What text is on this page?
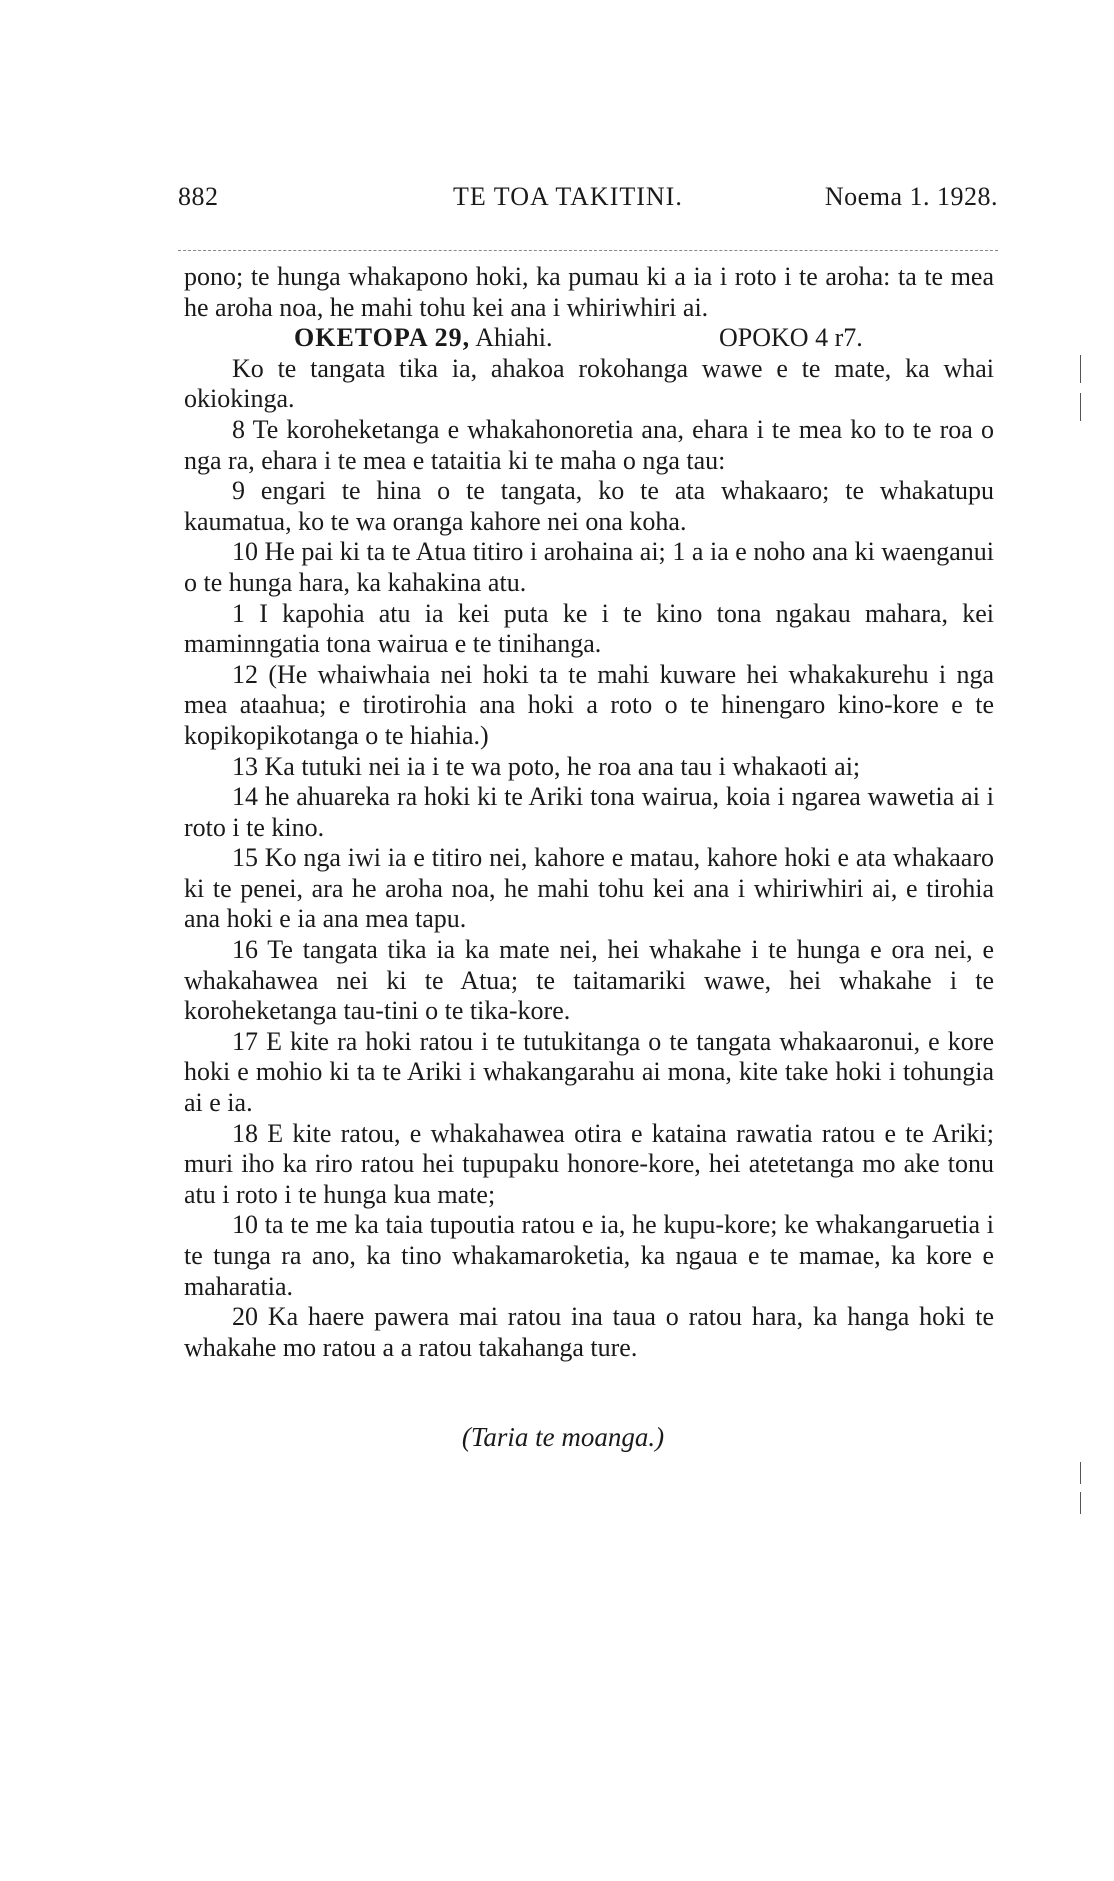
882	TE TOA TAKITINI.	Noema 1. 1928.

pono; te hunga whakapono hoki, ka pumau ki a ia i roto i te aroha: ta te mea he aroha noa, he mahi tohu kei ana i whiriwhiri ai.

OKETOPA 29, Ahiahi.	OPOKO 4 r7.

Ko te tangata tika ia, ahakoa rokohanga wawe e te mate, ka whai okiokinga.

8 Te koroheketanga e whakahonoretia ana, ehara i te mea ko to te roa o nga ra, ehara i te mea e tataitia ki te maha o nga tau:

9 engari te hina o te tangata, ko te ata whakaaro; te whakatupu kaumatua, ko te wa oranga kahore nei ona koha.

10 He pai ki ta te Atua titiro i arohaina ai; 1 a ia e noho ana ki waenganui o te hunga hara, ka kahakina atu.

1 I kapohia atu ia kei puta ke i te kino tona ngakau mahara, kei maminngatia tona wairua e te tinihanga.

12 (He whaiwhaia nei hoki ta te mahi kuware hei whakakurehu i nga mea ataahua; e tirotirohia ana hoki a roto o te hinengaro kino-kore e te kopikopikotanga o te hiahia.)

13 Ka tutuki nei ia i te wa poto, he roa ana tau i whakaoti ai;

14 he ahuareka ra hoki ki te Ariki tona wairua, koia i ngarea wawetia ai i roto i te kino.

15 Ko nga iwi ia e titiro nei, kahore e matau, kahore hoki e ata whakaaro ki te penei, ara he aroha noa, he mahi tohu kei ana i whiriwhiri ai, e tirohia ana hoki e ia ana mea tapu.

16 Te tangata tika ia ka mate nei, hei whakahe i te hunga e ora nei, e whakahawea nei ki te Atua; te taitamariki wawe, hei whakahe i te koroheketanga tau-tini o te tika-kore.

17 E kite ra hoki ratou i te tutukitanga o te tangata whakaaronui, e kore hoki e mohio ki ta te Ariki i whakangarahu ai mona, kite take hoki i tohungia ai e ia.

18 E kite ratou, e whakahawea otira e kataina rawatia ratou e te Ariki; muri iho ka riro ratou hei tupupaku honore-kore, hei atetetanga mo ake tonu atu i roto i te hunga kua mate;

10 ta te me ka taia tupoutia ratou e ia, he kupu-kore; ke whakangaruetia i te tunga ra ano, ka tino whakamaroketia, ka ngaua e te mamae, ka kore e maharatia.

20 Ka haere pawera mai ratou ina taua o ratou hara, ka hanga hoki te whakahe mo ratou a a ratou takahanga ture.

(Taria te moanga.)
